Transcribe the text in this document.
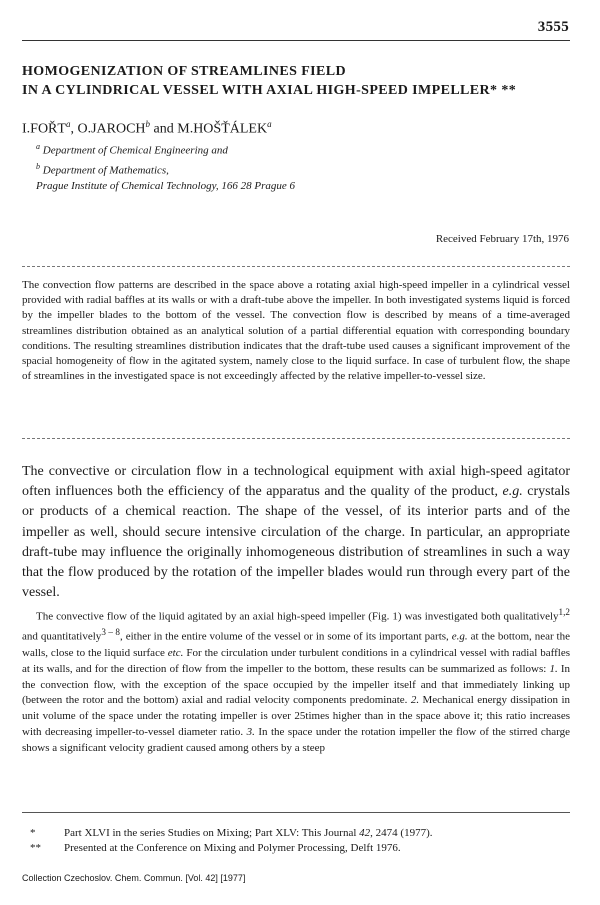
3555
HOMOGENIZATION OF STREAMLINES FIELD
IN A CYLINDRICAL VESSEL WITH AXIAL HIGH-SPEED IMPELLER* **
I.FOŘT$^a$, O.JAROCH$^b$ and M.HOŠŤÁLEK$^a$
$^a$ Department of Chemical Engineering and
$^b$ Department of Mathematics,
Prague Institute of Chemical Technology, 166 28 Prague 6
Received February 17th, 1976
The convection flow patterns are described in the space above a rotating axial high-speed impeller in a cylindrical vessel provided with radial baffles at its walls or with a draft-tube above the impeller. In both investigated systems liquid is forced by the impeller blades to the bottom of the vessel. The convection flow is described by means of a time-averaged streamlines distribution obtained as an analytical solution of a partial differential equation with corresponding boundary conditions. The resulting streamlines distribution indicates that the draft-tube used causes a significant improvement of the spacial homogeneity of flow in the agitated system, namely close to the liquid surface. In case of turbulent flow, the shape of streamlines in the investigated space is not exceedingly affected by the relative impeller-to-vessel size.
The convective or circulation flow in a technological equipment with axial high-speed agitator often influences both the efficiency of the apparatus and the quality of the product, e.g. crystals or products of a chemical reaction. The shape of the vessel, of its interior parts and of the impeller as well, should secure intensive circulation of the charge. In particular, an appropriate draft-tube may influence the originally inhomogeneous distribution of streamlines in such a way that the flow produced by the rotation of the impeller blades would run through every part of the vessel.
The convective flow of the liquid agitated by an axial high-speed impeller (Fig. 1) was investigated both qualitatively$^{1,2}$ and quantitatively$^{3 - 8}$, either in the entire volume of the vessel or in some of its important parts, e.g. at the bottom, near the walls, close to the liquid surface etc. For the circulation under turbulent conditions in a cylindrical vessel with radial baffles at its walls, and for the direction of flow from the impeller to the bottom, these results can be summarized as follows: 1. In the convection flow, with the exception of the space occupied by the impeller itself and that immediately linking up (between the rotor and the bottom) axial and radial velocity components predominate. 2. Mechanical energy dissipation in unit volume of the space under the rotating impeller is over 25times higher than in the space above it; this ratio increases with decreasing impeller-to-vessel diameter ratio. 3. In the space under the rotation impeller the flow of the stirred charge shows a significant velocity gradient caused among others by a steep
*	Part XLVI in the series Studies on Mixing; Part XLV: This Journal 42, 2474 (1977).
**	Presented at the Conference on Mixing and Polymer Processing, Delft 1976.
Collection Czechoslov. Chem. Commun. [Vol. 42] [1977]
